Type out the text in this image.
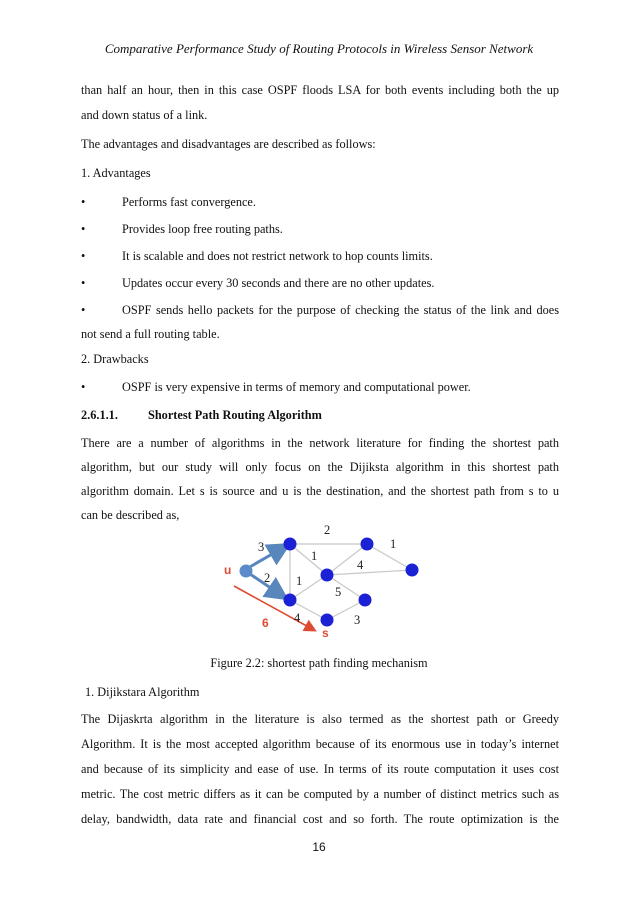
Comparative Performance Study of Routing Protocols in Wireless Sensor Network
than half an hour, then in this case OSPF floods LSA for both events including both the up
and down status of a link.
The advantages and disadvantages are described as follows:
1. Advantages
•	Performs fast convergence.
•	Provides loop free routing paths.
•	It is scalable and does not restrict network to hop counts limits.
•	Updates occur every 30 seconds and there are no other updates.
•	OSPF sends hello packets for the purpose of checking the status of the link and does
not send a full routing table.
2. Drawbacks
•	OSPF is very expensive in terms of memory and computational power.
2.6.1.1. Shortest Path Routing Algorithm
There are a number of algorithms in the network literature for finding the shortest path
algorithm, but our study will only focus on the Dijiksta algorithm in this shortest path
algorithm domain. Let s is source and u is the destination, and the shortest path from s to u
can be described as,
2
1
3
1
4
2 1
5
4	3
u
s
6
Figure 2.2: shortest path finding mechanism
1. Dijikstara Algorithm
The Dijaskrta algorithm in the literature is also termed as the shortest path or Greedy
Algorithm. It is the most accepted algorithm because of its enormous use in today’s internet
and because of its simplicity and ease of use. In terms of its route computation it uses cost
metric. The cost metric differs as it can be computed by a number of distinct metrics such as
delay, bandwidth, data rate and financial cost and so forth. The route optimization is the
16
